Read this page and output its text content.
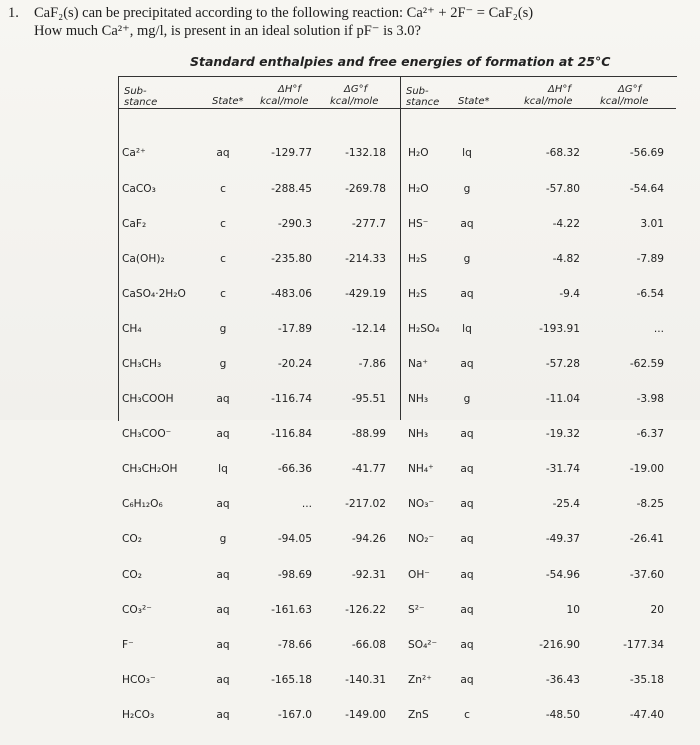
1.	CaF₂(s) can be precipitated according to the following reaction: Ca²⁺ + 2F⁻ = CaF₂(s)
How much Ca²⁺, mg/l, is present in an ideal solution if pF⁻ is 3.0?
Standard enthalpies and free energies of formation at 25°C
Sub-
stance	State*
ΔH°f
kcal/mole
ΔG°f
kcal/mole
Sub-
stance State*
ΔH°f
kcal/mole
ΔG°f
kcal/mole

Ca²⁺

CaCO₃

CaF₂

Ca(OH)₂

CaSO₄·2H₂O

CH₄

CH₃CH₃

CH₃COOH

CH₃COO⁻

CH₃CH₂OH

C₆H₁₂O₆

CO₂

CO₂

CO₃²⁻

F⁻

HCO₃⁻

H₂CO₃

aq

c

c

c

c

g

g

aq

aq

lq

aq

g

aq

aq

aq

aq

aq

-129.77

-288.45

-290.3

-235.80

-483.06

-17.89

-20.24

-116.74

-116.84

-66.36

...

-94.05

-98.69

-161.63

-78.66

-165.18

-167.0

-132.18

-269.78

-277.7

-214.33

-429.19

-12.14

-7.86

-95.51

-88.99

-41.77

-217.02

-94.26

-92.31

-126.22

-66.08

-140.31

-149.00

H₂O

H₂O

HS⁻

H₂S

H₂S

H₂SO₄

Na⁺

NH₃

NH₃

NH₄⁺

NO₃⁻

NO₂⁻

OH⁻

S²⁻

SO₄²⁻

Zn²⁺

ZnS

lq

g

aq

g

aq

lq

aq

g

aq

aq

aq

aq

aq

aq

aq

aq

c

-68.32

-57.80

-4.22

-4.82

-9.4

-193.91

-57.28

-11.04

-19.32

-31.74

-25.4

-49.37

-54.96

10

-216.90

-36.43

-48.50

-56.69

-54.64

3.01

-7.89

-6.54

...

-62.59

-3.98

-6.37

-19.00

-8.25

-26.41

-37.60

20

-177.34

-35.18

-47.40
